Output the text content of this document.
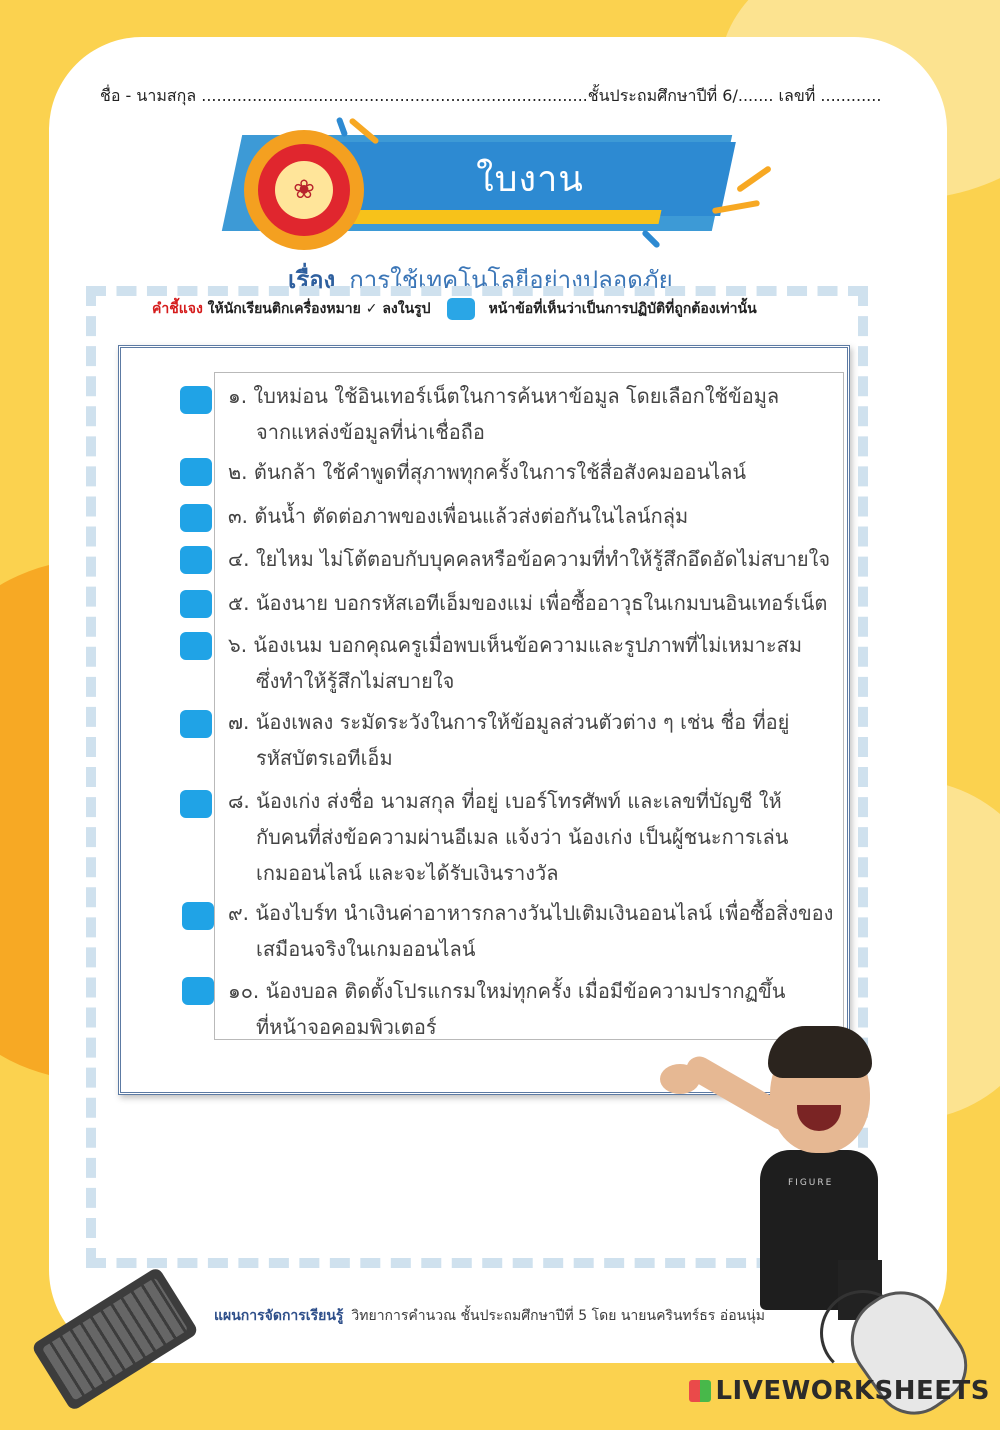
ชื่อ - นามสกุล ............................................................................ชั้นประถมศึกษาปีที่ 6/....... เลขที่ ............
ใบงาน
❀
เรื่อง การใช้เทคโนโลยีอย่างปลอดภัย
คำชี้แจง ให้นักเรียนติกเครื่องหมาย ✓ ลงในรูป	หน้าข้อที่เห็นว่าเป็นการปฏิบัติที่ถูกต้องเท่านั้น
๑. ใบหม่อน ใช้อินเทอร์เน็ตในการค้นหาข้อมูล โดยเลือกใช้ข้อมูล
จากแหล่งข้อมูลที่น่าเชื่อถือ
๒. ต้นกล้า ใช้คำพูดที่สุภาพทุกครั้งในการใช้สื่อสังคมออนไลน์
๓. ต้นน้ำ ตัดต่อภาพของเพื่อนแล้วส่งต่อกันในไลน์กลุ่ม
๔. ใยไหม ไม่โต้ตอบกับบุคคลหรือข้อความที่ทำให้รู้สึกอึดอัดไม่สบายใจ
๕. น้องนาย บอกรหัสเอทีเอ็มของแม่ เพื่อซื้ออาวุธในเกมบนอินเทอร์เน็ต
๖. น้องเนม บอกคุณครูเมื่อพบเห็นข้อความและรูปภาพที่ไม่เหมาะสม
ซึ่งทำให้รู้สึกไม่สบายใจ
๗. น้องเพลง ระมัดระวังในการให้ข้อมูลส่วนตัวต่าง ๆ เช่น ชื่อ ที่อยู่
รหัสบัตรเอทีเอ็ม
๘. น้องเก่ง ส่งชื่อ นามสกุล ที่อยู่ เบอร์โทรศัพท์ และเลขที่บัญชี ให้
กับคนที่ส่งข้อความผ่านอีเมล แจ้งว่า น้องเก่ง เป็นผู้ชนะการเล่น
เกมออนไลน์ และจะได้รับเงินรางวัล
๙. น้องไบร์ท นำเงินค่าอาหารกลางวันไปเติมเงินออนไลน์ เพื่อซื้อสิ่งของ
เสมือนจริงในเกมออนไลน์
๑๐. น้องบอล ติดตั้งโปรแกรมใหม่ทุกครั้ง เมื่อมีข้อความปรากฏขึ้น
ที่หน้าจอคอมพิวเตอร์
FIGURE
แผนการจัดการเรียนรู้ วิทยาการคำนวณ ชั้นประถมศึกษาปีที่ 5 โดย นายนครินทร์ธร อ่อนนุ่ม
LIVEWORKSHEETS
